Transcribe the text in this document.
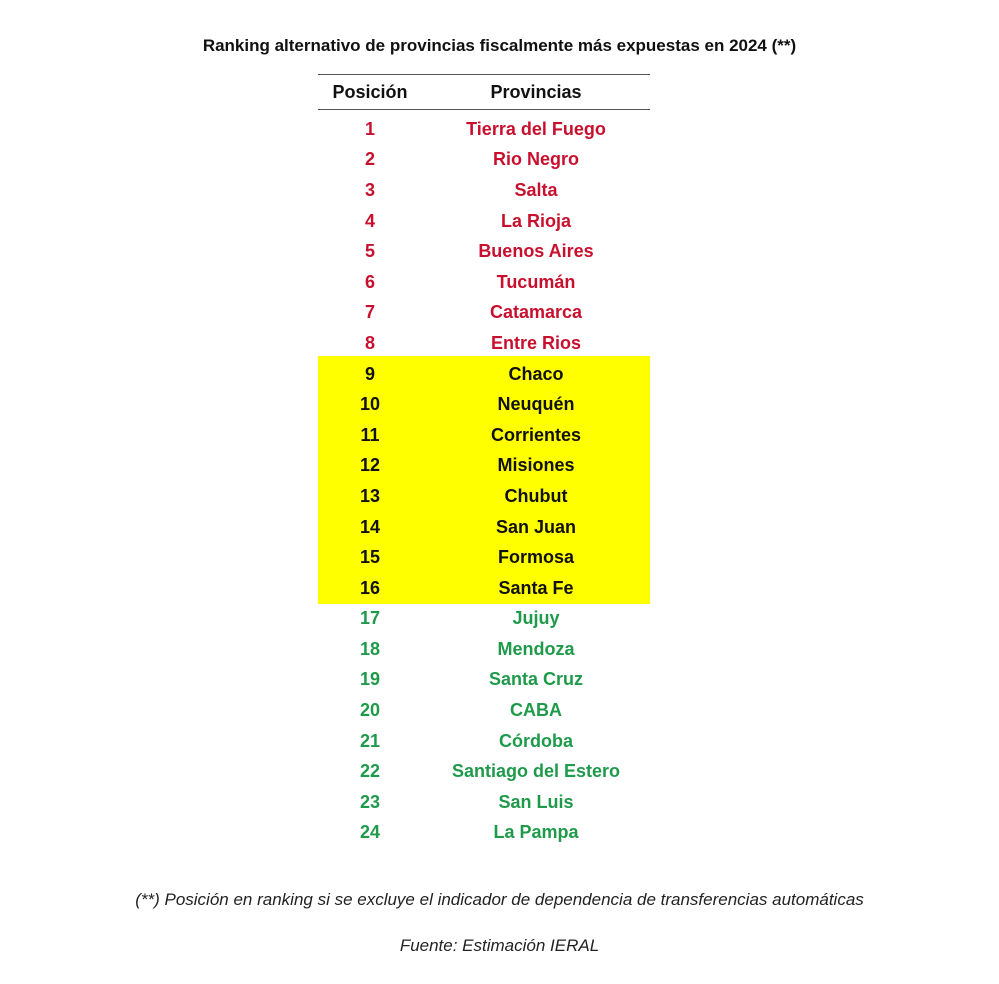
Ranking alternativo de provincias fiscalmente más expuestas en 2024 (**)
Posición	Provincias
1	Tierra del Fuego
2	Rio Negro
3	Salta
4	La Rioja
5	Buenos Aires
6	Tucumán
7	Catamarca
8	Entre Rios
9	Chaco
10	Neuquén
11	Corrientes
12	Misiones
13	Chubut
14	San Juan
15	Formosa
16	Santa Fe
17	Jujuy
18	Mendoza
19	Santa Cruz
20	CABA
21	Córdoba
22	Santiago del Estero
23	San Luis
24	La Pampa
(**) Posición en ranking si se excluye el indicador de dependencia de transferencias automáticas
Fuente: Estimación IERAL
